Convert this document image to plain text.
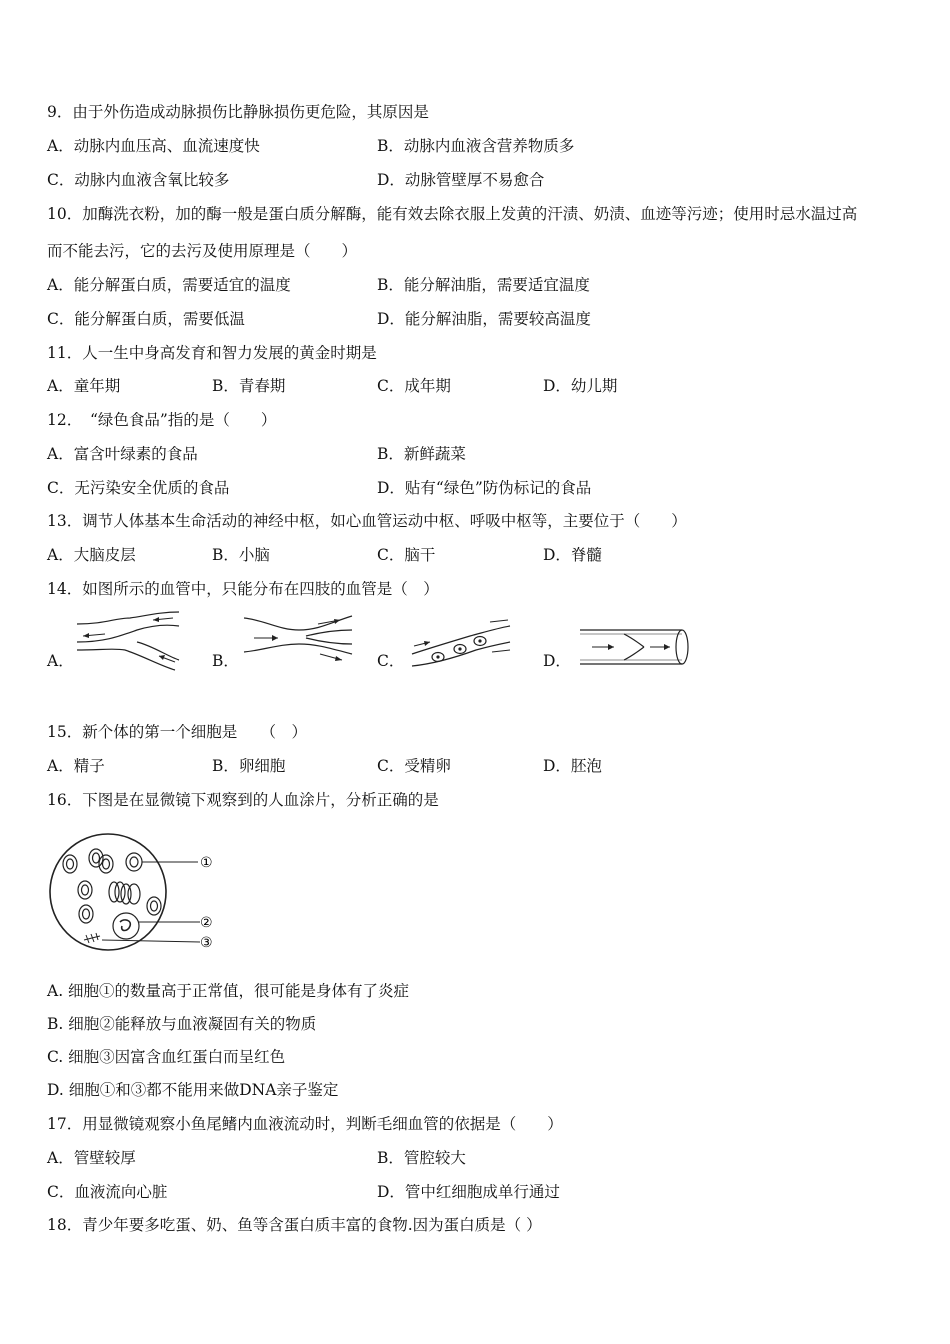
9．由于外伤造成动脉损伤比静脉损伤更危险，其原因是
A．动脉内血压高、血流速度快	B．动脉内血液含营养物质多
C．动脉内血液含氧比较多	D．动脉管壁厚不易愈合
10．加酶洗衣粉，加的酶一般是蛋白质分解酶，能有效去除衣服上发黄的汗渍、奶渍、血迹等污迹；使用时忌水温过高
而不能去污，它的去污及使用原理是（　　）
A．能分解蛋白质，需要适宜的温度	B．能分解油脂，需要适宜温度
C．能分解蛋白质，需要低温	D．能分解油脂，需要较高温度
11．人一生中身高发育和智力发展的黄金时期是
A．童年期	B．青春期	C．成年期	D．幼儿期
12．　“绿色食品”指的是（　　）
A．富含叶绿素的食品	B．新鲜蔬菜
C．无污染安全优质的食品	D．贴有“绿色”防伪标记的食品
13．调节人体基本生命活动的神经中枢，如心血管运动中枢、呼吸中枢等，主要位于（　　）
A．大脑皮层	B．小脑	C．脑干	D．脊髓
14．如图所示的血管中，只能分布在四肢的血管是（　）
A．	B．	C．	D．
15．新个体的第一个细胞是　　（　）
A．精子	B．卵细胞	C．受精卵	D．胚泡
16．下图是在显微镜下观察到的人血涂片，分析正确的是
①
②
③
A. 细胞①的数量高于正常值，很可能是身体有了炎症
B. 细胞②能释放与血液凝固有关的物质
C. 细胞③因富含血红蛋白而呈红色
D. 细胞①和③都不能用来做DNA亲子鉴定
17．用显微镜观察小鱼尾鳍内血液流动时，判断毛细血管的依据是（　　）
A．管壁较厚	B．管腔较大
C．血液流向心脏	D．管中红细胞成单行通过
18．青少年要多吃蛋、奶、鱼等含蛋白质丰富的食物.因为蛋白质是（ ）
